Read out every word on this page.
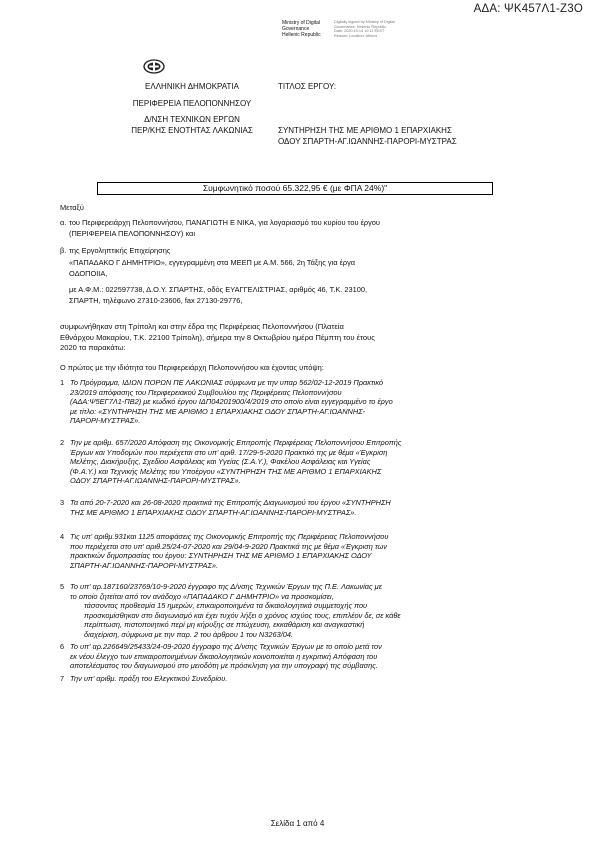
ΑΔΑ: ΨΚ457Λ1-Ζ3Ο
Ministry of Digital
Governance
Hellenic Republic
Digitally signed by Ministry of Digital Governance, Hellenic Republic Date: 2020.10.14 10:11 EEST Reason: Location: Athens
ΕΛΛΗΝΙΚΗ ΔΗΜΟΚΡΑΤΙΑ
ΠΕΡΙΦΕΡΕΙΑ ΠΕΛΟΠΟΝΝΗΣΟΥ
Δ/ΝΣΗ ΤΕΧΝΙΚΩΝ ΕΡΓΩΝ
ΠΕΡ/ΚΗΣ ΕΝΟΤΗΤΑΣ ΛΑΚΩΝΙΑΣ
ΤΙΤΛΟΣ ΕΡΓΟΥ:
ΣΥΝΤΗΡΗΣΗ ΤΗΣ ΜΕ ΑΡΙΘΜΟ 1 ΕΠΑΡΧΙΑΚΗΣ
ΟΔΟΥ ΣΠΑΡΤΗ-ΑΓ.ΙΩΑΝΝΗΣ-ΠΑΡΟΡΙ-ΜΥΣΤΡΑΣ
Συμφωνητικό ποσού 65.322,95 € (με ΦΠΑ 24%)"
Μεταξύ
α. του Περιφερειάρχη Πελοποννήσου, ΠΑΝΑΓΙΩΤΗ Ε ΝΙΚΑ, για λογαριασμό του κυρίου του έργου
(ΠΕΡΙΦΕΡΕΙΑ ΠΕΛΟΠΟΝΝΗΣΟΥ) και
β. της Εργοληπτικής Επιχείρησης
«ΠΑΠΑΔΑΚΟ Γ ΔΗΜΗΤΡΙΟ», εγγεγραμμένη στα ΜΕΕΠ με Α.Μ. 566, 2η Τάξης για έργα
ΟΔΟΠΟΙΙΑ,
με Α.Φ.Μ.: 022597738, Δ.Ο.Υ. ΣΠΑΡΤΗΣ, οδός ΕΥΑΓΓΕΛΙΣΤΡΙΑΣ, αριθμός 46, Τ.Κ. 23100,
ΣΠΑΡΤΗ, τηλέφωνο 27310-23606, fax 27130-29776,
συμφωνήθηκαν στη Τρίπολη και στην έδρα της Περιφέρειας Πελοποννήσου (Πλατεία
Εθνάρχου Μακαρίου, Τ.Κ. 22100 Τρίπολη), σήμερα την 8 Οκτωβρίου ημέρα Πέμπτη του έτους
2020 τα παρακάτω:
Ο πρώτος με την ιδιότητα του Περιφερειάρχη Πελοποννήσου και έχοντας υπόψη:
1 Το Πρόγραμμα, ΙΔΙΩΝ ΠΟΡΩΝ ΠΕ ΛΑΚΩΝΙΑΣ σύμφωνα με την υπαρ 562/02-12-2019 Πρακτικό
23/2019 απόφασης του Περιφερειακού Συμβουλίου της Περιφέρειας Πελοποννήσου
(ΑΔΑ:Ψ5ΕΓ7Λ1-ΠΒ2) με κωδικό έργου ΙΔΠ04201900/4/2019 στο οποίο είναι εγγεγραμμένο το έργο
με τίτλο: «ΣΥΝΤΗΡΗΣΗ ΤΗΣ ΜΕ ΑΡΙΘΜΟ 1 ΕΠΑΡΧΙΑΚΗΣ ΟΔΟΥ ΣΠΑΡΤΗ-ΑΓ.ΙΩΑΝΝΗΣ-
ΠΑΡΟΡΙ-ΜΥΣΤΡΑΣ».
2 Την με αριθμ. 657/2020 Απόφαση της Οικονομικής Επιτροπής Περιφέρειας Πελοποννήσου Επιτροπής
Έργων και Υποδομών που περιέχεται στο υπ' αριθ. 17/29-5-2020 Πρακτικό της με θέμα «Έγκριση
Μελέτης, Διακήρυξης, Σχεδίου Ασφάλειας και Υγείας (Σ.Α.Υ.), Φακέλου Ασφάλειας και Υγείας
(Φ.Α.Υ.) και Τεχνικής Μελέτης του Υποέργου «ΣΥΝΤΗΡΗΣΗ ΤΗΣ ΜΕ ΑΡΙΘΜΟ 1 ΕΠΑΡΧΙΑΚΗΣ
ΟΔΟΥ ΣΠΑΡΤΗ-ΑΓ.ΙΩΑΝΝΗΣ-ΠΑΡΟΡΙ-ΜΥΣΤΡΑΣ».
3 Τα από 20-7-2020 και 26-08-2020 πρακτικά της Επιτροπής Διαγωνισμού του έργου «ΣΥΝΤΗΡΗΣΗ
ΤΗΣ ΜΕ ΑΡΙΘΜΟ 1 ΕΠΑΡΧΙΑΚΗΣ ΟΔΟΥ ΣΠΑΡΤΗ-ΑΓ.ΙΩΑΝΝΗΣ-ΠΑΡΟΡΙ-ΜΥΣΤΡΑΣ».
4 Τις υπ' αριθμ.931και 1125 αποφάσεις της Οικονομικής Επιτροπής της Περιφέρειας Πελοποννήσου
που περιέχεται στο υπ' αριθ.25/24-07-2020 και 29/04-9-2020 Πρακτικά της με θέμα «Έγκριση των
πρακτικών δημοπρασίας του έργου: ΣΥΝΤΗΡΗΣΗ ΤΗΣ ΜΕ ΑΡΙΘΜΟ 1 ΕΠΑΡΧΙΑΚΗΣ ΟΔΟΥ
ΣΠΑΡΤΗ-ΑΓ.ΙΩΑΝΝΗΣ-ΠΑΡΟΡΙ-ΜΥΣΤΡΑΣ».
5 Το υπ' αρ.187160/23769/10-9-2020 έγγραφο της Δ/νσης Τεχνικών Έργων της Π.Ε. Λακωνίας με
το οποίο ζητείται από τον ανάδοχο «ΠΑΠΑΔΑΚΟ Γ ΔΗΜΗΤΡΙΟ» να προσκομίσει,
τάσσοντας προθεσμία 15 ημερών, επικαιροποιημένα τα δικαιολογητικά συμμετοχής που
προσκομίσθηκαν στο διαγωνισμό και έχει τυχόν λήξει ο χρόνος ισχύος τους, επιπλέον δε, σε κάθε
περίπτωση, πιστοποιητικό περί μη κήρυξης σε πτώχευση, εκκαθάριση και αναγκαστική
διαχείριση, σύμφωνα με την παρ. 2 του άρθρου 1 του Ν3263/04.
6 Το υπ' αρ.226649/25433/24-09-2020 έγγραφο της Δ/νσης Τεχνικών Έργων με το οποίο μετά τον
εκ νέου έλεγχο των επικαιροποιημένων δικαιολογητικών κοινοποιείται η εγκριτική Απόφαση του
αποτελέσματος του διαγωνισμού στο μειοδότη με πρόσκληση για την υπογραφή της σύμβασης.
7 Την υπ' αριθμ. πράξη του Ελεγκτικού Συνεδρίου.
Σελίδα 1 από 4
